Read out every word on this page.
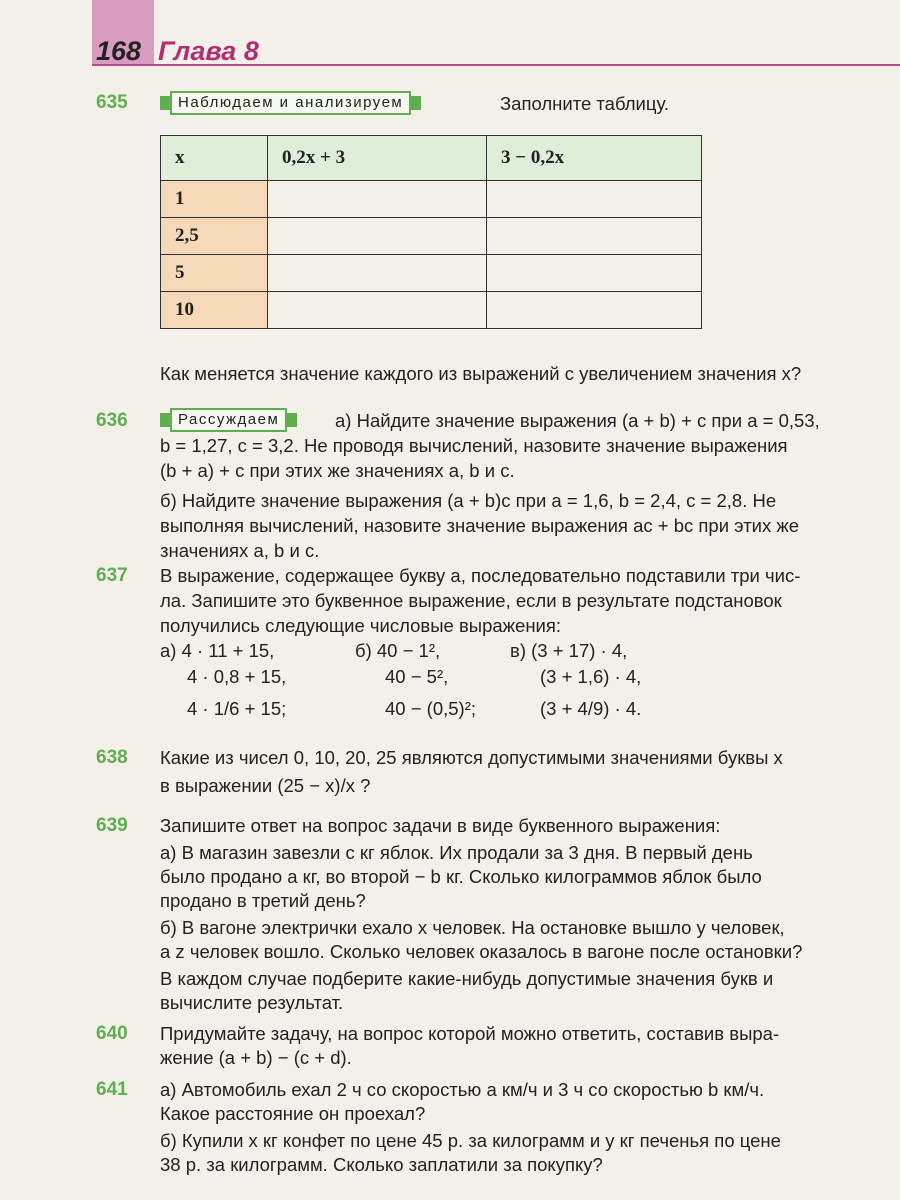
168 Глава 8
635	Наблюдаем и анализируем	Заполните таблицу.
x	0,2x + 3	3 − 0,2x
1		
2,5		
5		
10		
Как меняется значение каждого из выражений с увеличением значения x?
636	Рассуждаем	а) Найдите значение выражения (a + b) + c при a = 0,53,
b = 1,27, c = 3,2. Не проводя вычислений, назовите значение выражения
(b + a) + c при этих же значениях a, b и c.
б) Найдите значение выражения (a + b)c при a = 1,6, b = 2,4, c = 2,8. Не
выполняя вычислений, назовите значение выражения ac + bc при этих же
значениях a, b и c.
637 В выражение, содержащее букву a, последовательно подставили три чис-
ла. Запишите это буквенное выражение, если в результате подстановок
получились следующие числовые выражения:
а) 4 · 11 + 15,
4 · 0,8 + 15,
4 · 1/6 + 15;
б) 40 − 1²,
40 − 5²,
40 − (0,5)²;
в) (3 + 17) · 4,
(3 + 1,6) · 4,
(3 + 4/9) · 4.
638 Какие из чисел 0, 10, 20, 25 являются допустимыми значениями буквы x
в выражении (25 − x)/x ?
639 Запишите ответ на вопрос задачи в виде буквенного выражения:
а) В магазин завезли c кг яблок. Их продали за 3 дня. В первый день
было продано a кг, во второй − b кг. Сколько килограммов яблок было
продано в третий день?
б) В вагоне электрички ехало x человек. На остановке вышло y человек,
а z человек вошло. Сколько человек оказалось в вагоне после остановки?
В каждом случае подберите какие-нибудь допустимые значения букв и
вычислите результат.
640 Придумайте задачу, на вопрос которой можно ответить, составив выра-
жение (a + b) − (c + d).
641 а) Автомобиль ехал 2 ч со скоростью a км/ч и 3 ч со скоростью b км/ч.
Какое расстояние он проехал?
б) Купили x кг конфет по цене 45 р. за килограмм и y кг печенья по цене
38 р. за килограмм. Сколько заплатили за покупку?
